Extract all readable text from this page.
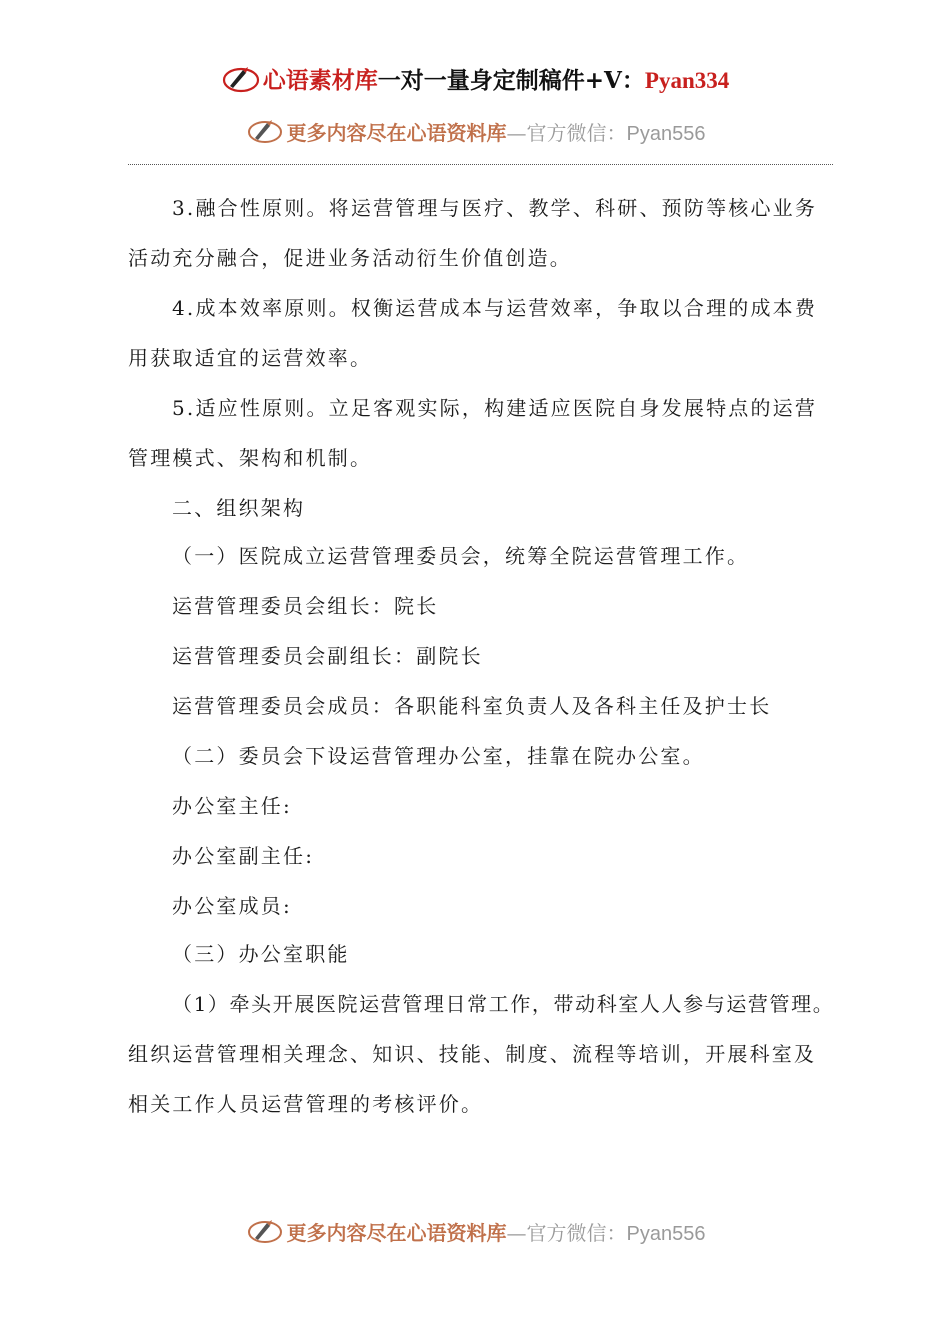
心语素材库一对一量身定制稿件+V：Pyan334
更多内容尽在心语资料库—官方微信：Pyan556
3.融合性原则。将运营管理与医疗、教学、科研、预防等核心业务
活动充分融合，促进业务活动衍生价值创造。
4.成本效率原则。权衡运营成本与运营效率，争取以合理的成本费
用获取适宜的运营效率。
5.适应性原则。立足客观实际，构建适应医院自身发展特点的运营
管理模式、架构和机制。
二、组织架构
（一）医院成立运营管理委员会，统筹全院运营管理工作。
运营管理委员会组长：院长
运营管理委员会副组长：副院长
运营管理委员会成员：各职能科室负责人及各科主任及护士长
（二）委员会下设运营管理办公室，挂靠在院办公室。
办公室主任:
办公室副主任:
办公室成员:
（三）办公室职能
（1）牵头开展医院运营管理日常工作，带动科室人人参与运营管理。
组织运营管理相关理念、知识、技能、制度、流程等培训，开展科室及
相关工作人员运营管理的考核评价。
更多内容尽在心语资料库—官方微信：Pyan556
